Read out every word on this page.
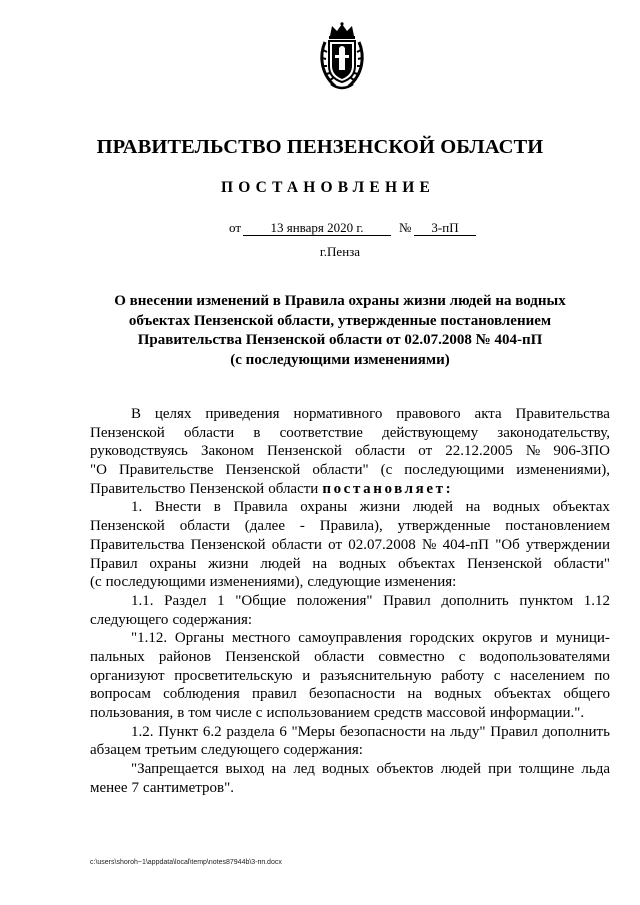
ПРАВИТЕЛЬСТВО ПЕНЗЕНСКОЙ ОБЛАСТИ
ПОСТАНОВЛЕНИЕ
от	13 января 2020 г.	№	3-пП
г.Пенза
О внесении изменений в Правила охраны жизни людей на водных
объектах Пензенской области, утвержденные постановлением
Правительства Пензенской области от 02.07.2008 № 404-пП
(с последующими изменениями)
В целях приведения нормативного правового акта Правительства
Пензенской области в соответствие действующему законодательству,
руководствуясь Законом Пензенской области от 22.12.2005 № 906-ЗПО
"О Правительстве Пензенской области" (с последующими изменениями),
Правительство Пензенской области постановляет:
1. Внести в Правила охраны жизни людей на водных объектах
Пензенской области (далее - Правила), утвержденные постановлением
Правительства Пензенской области от 02.07.2008 № 404-пП "Об утверждении
Правил охраны жизни людей на водных объектах Пензенской области"
(с последующими изменениями), следующие изменения:
1.1. Раздел 1 "Общие положения" Правил дополнить пунктом 1.12
следующего содержания:
"1.12. Органы местного самоуправления городских округов и муници-
пальных районов Пензенской области совместно с водопользователями
организуют просветительскую и разъяснительную работу с населением по
вопросам соблюдения правил безопасности на водных объектах общего
пользования, в том числе с использованием средств массовой информации.".
1.2. Пункт 6.2 раздела 6 "Меры безопасности на льду" Правил дополнить
абзацем третьим следующего содержания:
"Запрещается выход на лед водных объектов людей при толщине льда
менее 7 сантиметров".
c:\users\shoroh~1\appdata\local\temp\notes87944b\3-пп.docx
